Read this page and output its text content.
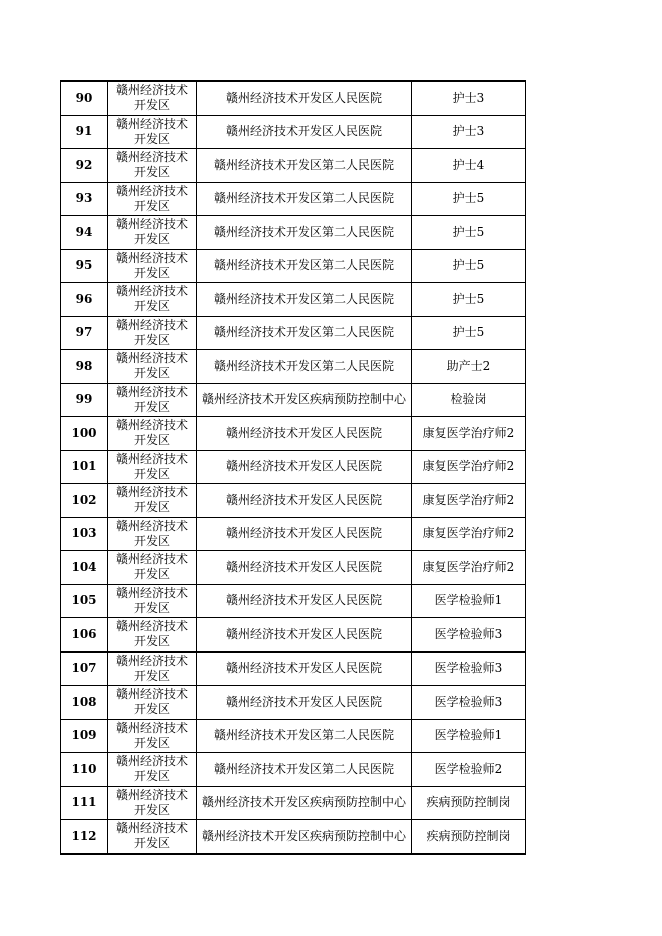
90	赣州经济技术开发区	赣州经济技术开发区人民医院	护士3
91	赣州经济技术开发区	赣州经济技术开发区人民医院	护士3
92	赣州经济技术开发区	赣州经济技术开发区第二人民医院	护士4
93	赣州经济技术开发区	赣州经济技术开发区第二人民医院	护士5
94	赣州经济技术开发区	赣州经济技术开发区第二人民医院	护士5
95	赣州经济技术开发区	赣州经济技术开发区第二人民医院	护士5
96	赣州经济技术开发区	赣州经济技术开发区第二人民医院	护士5
97	赣州经济技术开发区	赣州经济技术开发区第二人民医院	护士5
98	赣州经济技术开发区	赣州经济技术开发区第二人民医院	助产士2
99	赣州经济技术开发区	赣州经济技术开发区疾病预防控制中心	检验岗
100	赣州经济技术开发区	赣州经济技术开发区人民医院	康复医学治疗师2
101	赣州经济技术开发区	赣州经济技术开发区人民医院	康复医学治疗师2
102	赣州经济技术开发区	赣州经济技术开发区人民医院	康复医学治疗师2
103	赣州经济技术开发区	赣州经济技术开发区人民医院	康复医学治疗师2
104	赣州经济技术开发区	赣州经济技术开发区人民医院	康复医学治疗师2
105	赣州经济技术开发区	赣州经济技术开发区人民医院	医学检验师1
106	赣州经济技术开发区	赣州经济技术开发区人民医院	医学检验师3
107	赣州经济技术开发区	赣州经济技术开发区人民医院	医学检验师3
108	赣州经济技术开发区	赣州经济技术开发区人民医院	医学检验师3
109	赣州经济技术开发区	赣州经济技术开发区第二人民医院	医学检验师1
110	赣州经济技术开发区	赣州经济技术开发区第二人民医院	医学检验师2
111	赣州经济技术开发区	赣州经济技术开发区疾病预防控制中心	疾病预防控制岗
112	赣州经济技术开发区	赣州经济技术开发区疾病预防控制中心	疾病预防控制岗
